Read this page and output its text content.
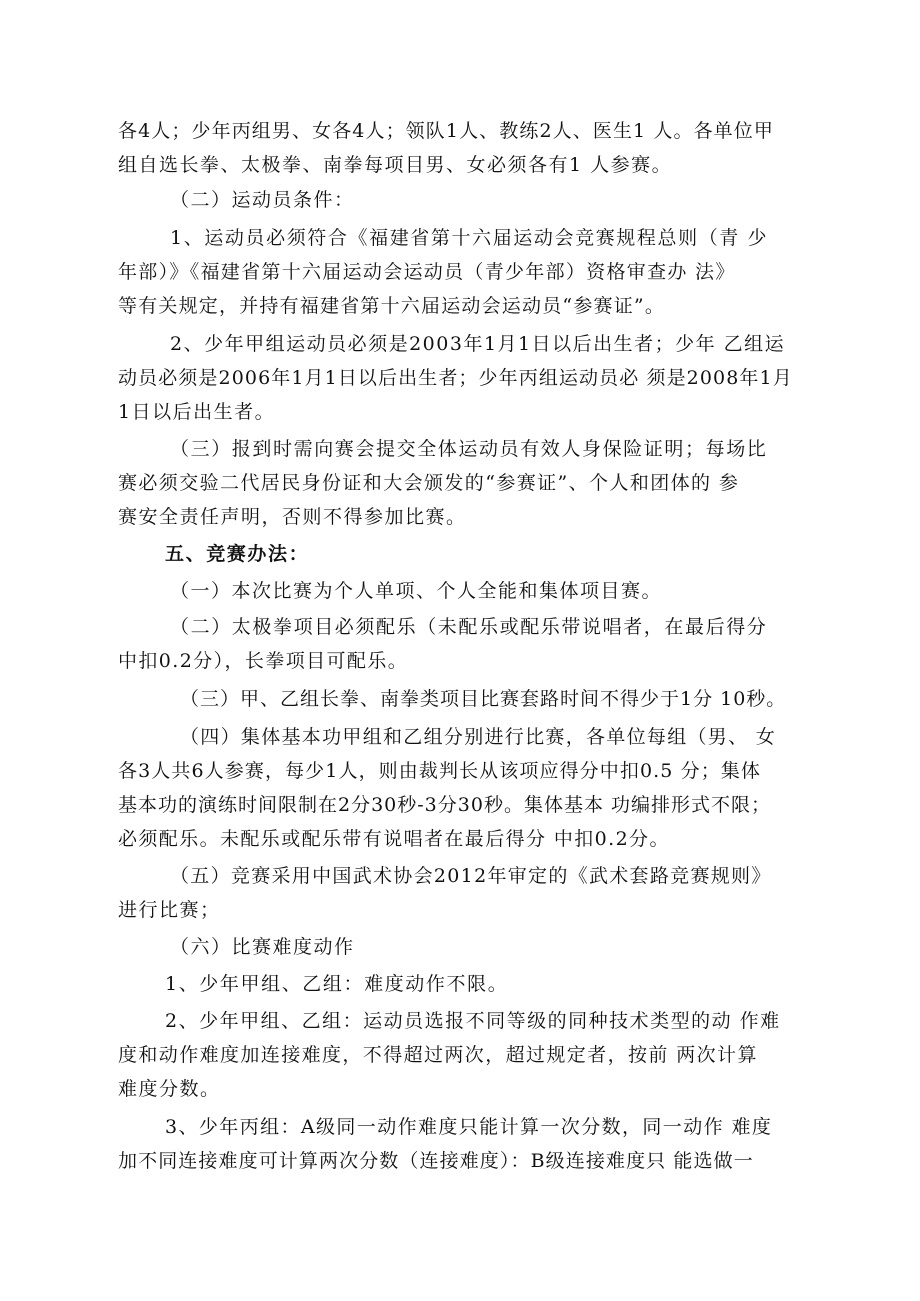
各4人；少年丙组男、女各4人；领队1人、教练2人、医生1 人。各单位甲
组自选长拳、太极拳、南拳每项目男、女必须各有1 人参赛。
（二）运动员条件：
1、运动员必须符合《福建省第十六届运动会竞赛规程总则（青 少
年部）》《福建省第十六届运动会运动员（青少年部）资格审查办 法》
等有关规定，并持有福建省第十六届运动会运动员“参赛证”。
2、少年甲组运动员必须是2003年1月1日以后出生者；少年 乙组运
动员必须是2006年1月1日以后出生者；少年丙组运动员必 须是2008年1月
1日以后出生者。
（三）报到时需向赛会提交全体运动员有效人身保险证明；每场比
赛必须交验二代居民身份证和大会颁发的“参赛证”、个人和团体的 参
赛安全责任声明，否则不得参加比赛。
五、竞赛办法：
（一）本次比赛为个人单项、个人全能和集体项目赛。
（二）太极拳项目必须配乐（未配乐或配乐带说唱者，在最后得分
中扣0.2分），长拳项目可配乐。
（三）甲、乙组长拳、南拳类项目比赛套路时间不得少于1分 10秒。
（四）集体基本功甲组和乙组分别进行比赛，各单位每组（男、 女
各3人共6人参赛，每少1人，则由裁判长从该项应得分中扣0.5 分；集体
基本功的演练时间限制在2分30秒-3分30秒。集体基本 功编排形式不限；
必须配乐。未配乐或配乐带有说唱者在最后得分 中扣0.2分。
（五）竞赛采用中国武术协会2012年审定的《武术套路竞赛规则》
进行比赛；
（六）比赛难度动作
1、少年甲组、乙组：难度动作不限。
2、少年甲组、乙组：运动员选报不同等级的同种技术类型的动 作难
度和动作难度加连接难度，不得超过两次，超过规定者，按前 两次计算
难度分数。
3、少年丙组：A级同一动作难度只能计算一次分数，同一动作 难度
加不同连接难度可计算两次分数（连接难度）：B级连接难度只 能选做一
